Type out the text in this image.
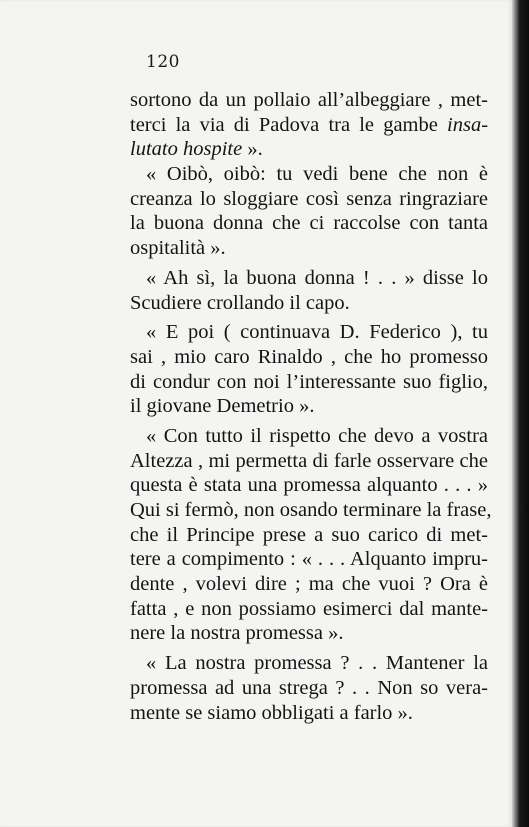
120
sortono da un pollaio all’albeggiare , met-
terci la via di Padova tra le gambe insa-
lutato hospite ».
« Oibò, oibò: tu vedi bene che non è
creanza lo sloggiare così senza ringraziare
la buona donna che ci raccolse con tanta
ospitalità ».
« Ah sì, la buona donna ! . . » disse lo
Scudiere crollando il capo.
« E poi ( continuava D. Federico ), tu
sai , mio caro Rinaldo , che ho promesso
di condur con noi l’interessante suo figlio,
il giovane Demetrio ».
« Con tutto il rispetto che devo a vostra
Altezza , mi permetta di farle osservare che
questa è stata una promessa alquanto . . . »
Qui si fermò, non osando terminare la frase,
che il Principe prese a suo carico di met-
tere a compimento : « . . . Alquanto impru-
dente , volevi dire ; ma che vuoi ? Ora è
fatta , e non possiamo esimerci dal mante-
nere la nostra promessa ».
« La nostra promessa ? . . Mantener la
promessa ad una strega ? . . Non so vera-
mente se siamo obbligati a farlo ».
